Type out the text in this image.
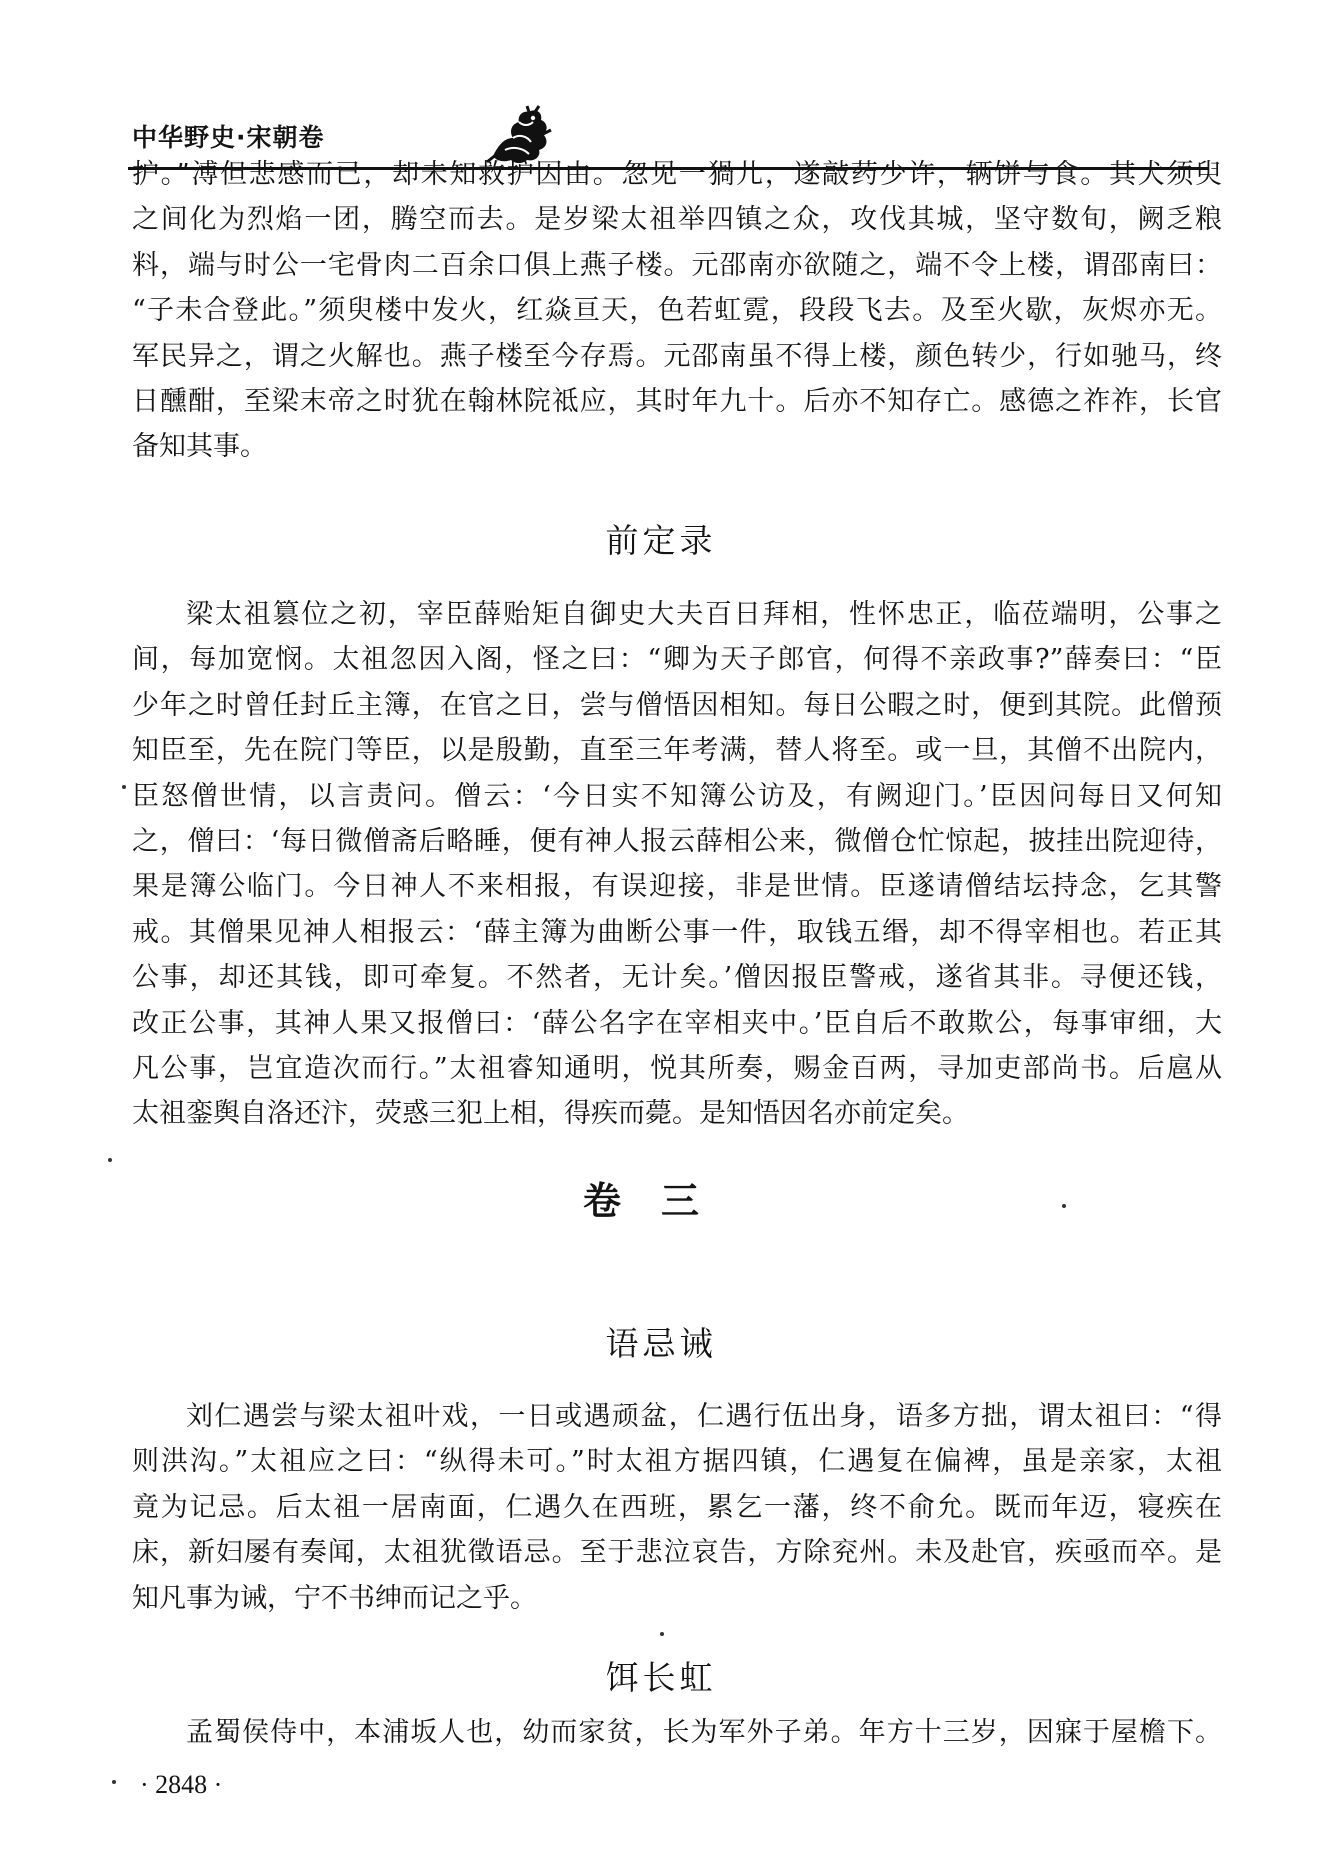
中华野史·宋朝卷
护。”溥但悲感而已，却未知救护因由。忽见一猧儿，遂敲药少许，辆饼与食。其犬须臾
之间化为烈焰一团，腾空而去。是岁梁太祖举四镇之众，攻伐其城，坚守数旬，阙乏粮
料，端与时公一宅骨肉二百余口俱上燕子楼。元邵南亦欲随之，端不令上楼，谓邵南曰：
“子未合登此。”须臾楼中发火，红焱亘天，色若虹霓，段段飞去。及至火歇，灰烬亦无。
军民异之，谓之火解也。燕子楼至今存焉。元邵南虽不得上楼，颜色转少，行如驰马，终
日醺酣，至梁末帝之时犹在翰林院祗应，其时年九十。后亦不知存亡。感德之祚祚，长官
备知其事。
前定录
梁太祖篡位之初，宰臣薛贻矩自御史大夫百日拜相，性怀忠正，临莅端明，公事之
间，每加宽悯。太祖忽因入阁，怪之曰：“卿为天子郎官，何得不亲政事?”薛奏曰：“臣
少年之时曾任封丘主簿，在官之日，尝与僧悟因相知。每日公暇之时，便到其院。此僧预
知臣至，先在院门等臣，以是殷勤，直至三年考满，替人将至。或一旦，其僧不出院内，
臣怒僧世情，以言责问。僧云：‘今日实不知簿公访及，有阙迎门。’臣因问每日又何知
之，僧曰：‘每日微僧斋后略睡，便有神人报云薛相公来，微僧仓忙惊起，披挂出院迎待，
果是簿公临门。今日神人不来相报，有误迎接，非是世情。臣遂请僧结坛持念，乞其警
戒。其僧果见神人相报云：‘薛主簿为曲断公事一件，取钱五缗，却不得宰相也。若正其
公事，却还其钱，即可牵复。不然者，无计矣。’僧因报臣警戒，遂省其非。寻便还钱，
改正公事，其神人果又报僧曰：‘薛公名字在宰相夹中。’臣自后不敢欺公，每事审细，大
凡公事，岂宜造次而行。”太祖睿知通明，悦其所奏，赐金百两，寻加吏部尚书。后扈从
太祖銮舆自洛还汴，荧惑三犯上相，得疾而薨。是知悟因名亦前定矣。
卷三
语忌诫
刘仁遇尝与梁太祖叶戏，一日或遇顽盆，仁遇行伍出身，语多方拙，谓太祖曰：“得
则洪沟。”太祖应之曰：“纵得未可。”时太祖方据四镇，仁遇复在偏裨，虽是亲家，太祖
竟为记忌。后太祖一居南面，仁遇久在西班，累乞一藩，终不俞允。既而年迈，寝疾在
床，新妇屡有奏闻，太祖犹徵语忌。至于悲泣哀告，方除兖州。未及赴官，疾亟而卒。是
知凡事为诫，宁不书绅而记之乎。
饵长虹
孟蜀侯侍中，本浦坂人也，幼而家贫，长为军外子弟。年方十三岁，因寐于屋檐下。
· 2848 ·
